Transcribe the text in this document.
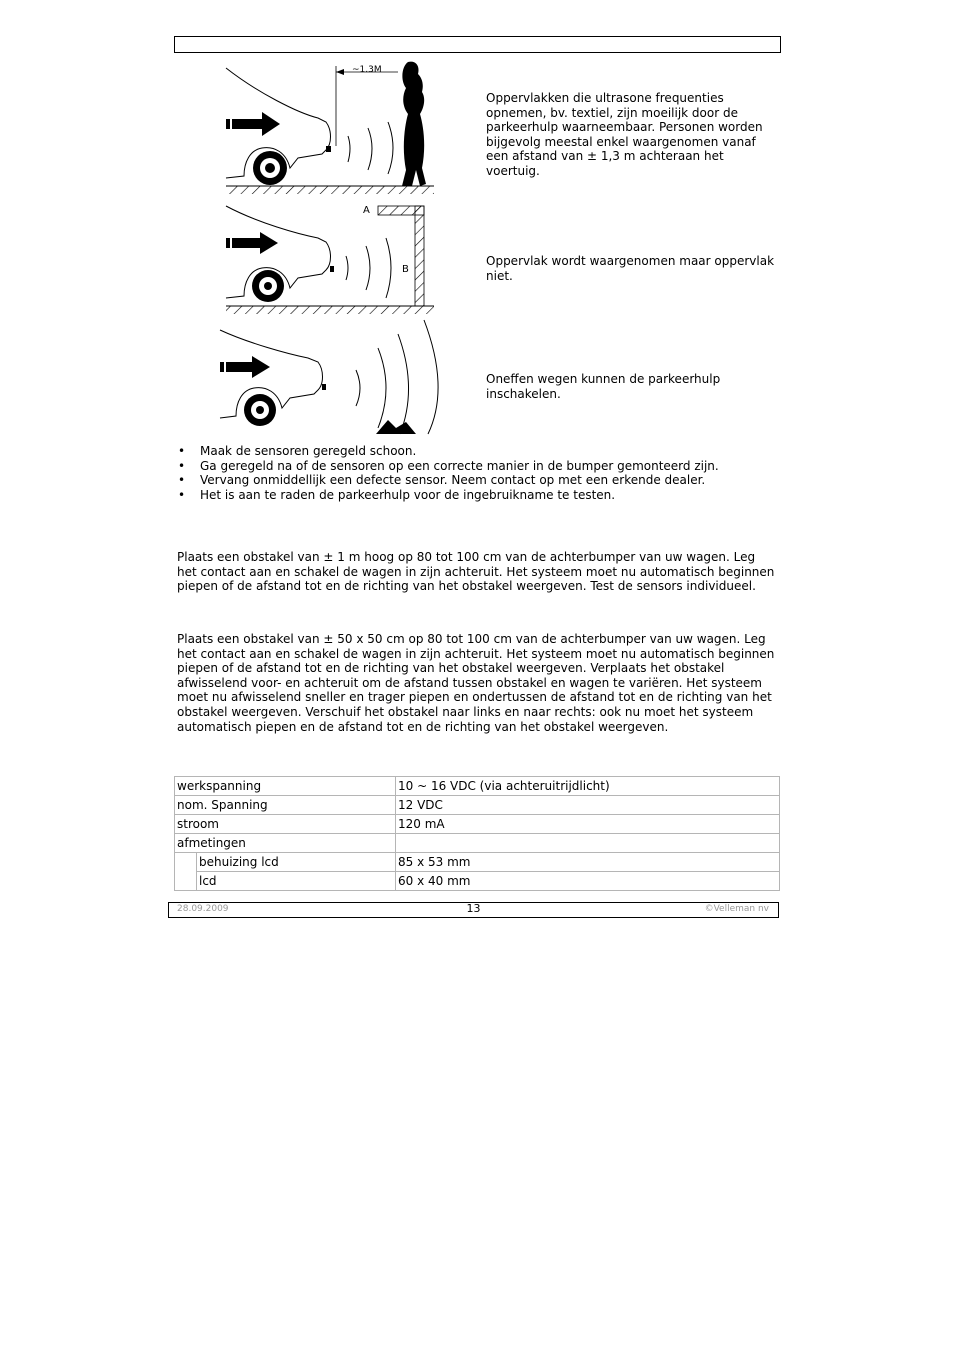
~1.3M
A
B
Oppervlakken die ultrasone frequenties opnemen, bv. textiel, zijn moeilijk door de parkeerhulp waarneembaar. Personen worden bijgevolg meestal enkel waargenomen vanaf een afstand van ± 1,3 m achteraan het voertuig.
Oppervlak wordt waargenomen maar oppervlak niet.
Oneffen wegen kunnen de parkeerhulp inschakelen.
• Maak de sensoren geregeld schoon.
• Ga geregeld na of de sensoren op een correcte manier in de bumper gemonteerd zijn.
• Vervang onmiddellijk een defecte sensor. Neem contact op met een erkende dealer.
• Het is aan te raden de parkeerhulp voor de ingebruikname te testen.

Plaats een obstakel van ± 1 m hoog op 80 tot 100 cm van de achterbumper van uw wagen. Leg het contact aan en schakel de wagen in zijn achteruit. Het systeem moet nu automatisch beginnen piepen of de afstand tot en de richting van het obstakel weergeven. Test de sensors individueel.

Plaats een obstakel van ± 50 x 50 cm op 80 tot 100 cm van de achterbumper van uw wagen. Leg het contact aan en schakel de wagen in zijn achteruit. Het systeem moet nu automatisch beginnen piepen of de afstand tot en de richting van het obstakel weergeven. Verplaats het obstakel afwisselend voor- en achteruit om de afstand tussen obstakel en wagen te variëren. Het systeem moet nu afwisselend sneller en trager piepen en ondertussen de afstand tot en de richting van het obstakel weergeven. Verschuif het obstakel naar links en naar rechts: ook nu moet het systeem automatisch piepen en de afstand tot en de richting van het obstakel weergeven.

werkspanning		10 ~ 16 VDC (via achteruitrijdlicht)
nom. Spanning		12 VDC
stroom		120 mA
afmetingen		
	behuizing lcd	85 x 53 mm
	lcd	60 x 40 mm
28.09.2009	13	©Velleman nv
